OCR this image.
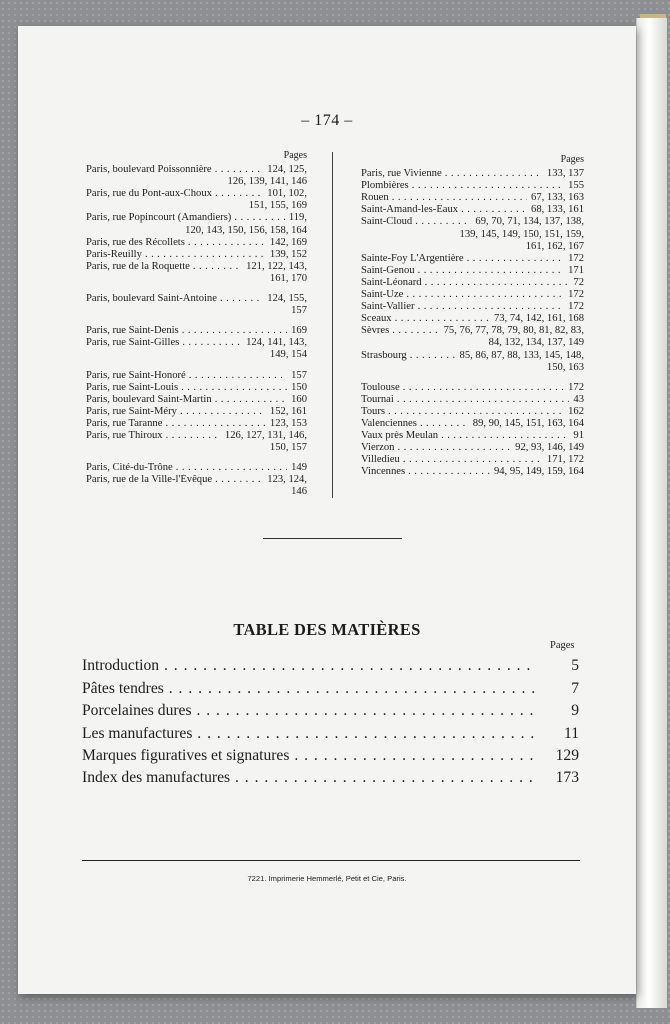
– 174 –
Pages
Paris, boulevard Poissonnière . . .	124, 125,
126, 139, 141, 146
Paris, rue du Pont-aux-Choux . . .	101, 102,
151, 155, 169
Paris, rue Popincourt (Amandiers) . . .	119,
120, 143, 150, 156, 158, 164
Paris, rue des Récollets . . .	142, 169
Paris-Reuilly . . .	139, 152
Paris, rue de la Roquette . . .	121, 122, 143,
161, 170
Paris, boulevard Saint-Antoine . . .	124, 155,
157
Paris, rue Saint-Denis . . .	169
Paris, rue Saint-Gilles . . .	124, 141, 143,
149, 154
Paris, rue Saint-Honoré . . .	157
Paris, rue Saint-Louis . . .	150
Paris, boulevard Saint-Martin . . .	160
Paris, rue Saint-Méry . . .	152, 161
Paris, rue Taranne . . .	123, 153
Paris, rue Thiroux . . .	126, 127, 131, 146,
150, 157
Paris, Cité-du-Trône . . .	149
Paris, rue de la Ville-l'Évêque . . .	123, 124,
146
Pages
Paris, rue Vivienne . . .	133, 137
Plombières . . .	155
Rouen . . .	67, 133, 163
Saint-Amand-les-Eaux . . .	68, 133, 161
Saint-Cloud . . .	69, 70, 71, 134, 137, 138,
139, 145, 149, 150, 151, 159,
161, 162, 167
Sainte-Foy L'Argentière . . .	172
Saint-Genou . . .	171
Saint-Léonard . . .	72
Saint-Uze . . .	172
Saint-Vallier . . .	172
Sceaux . . .	73, 74, 142, 161, 168
Sèvres . . .	75, 76, 77, 78, 79, 80, 81, 82, 83,
84, 132, 134, 137, 149
Strasbourg . . .	85, 86, 87, 88, 133, 145, 148,
150, 163
Toulouse . . .	172
Tournai . . .	43
Tours . . .	162
Valenciennes . . .	89, 90, 145, 151, 163, 164
Vaux près Meulan . . .	91
Vierzon . . .	92, 93, 146, 149
Villedieu . . .	171, 172
Vincennes . . .	94, 95, 149, 159, 164
TABLE DES MATIÈRES
Pages
Introduction . . .	5
Pâtes tendres . . .	7
Porcelaines dures . . .	9
Les manufactures . . .	11
Marques figuratives et signatures . . .	129
Index des manufactures . . .	173
7221. Imprimerie Hemmerlé, Petit et Cie, Paris.
